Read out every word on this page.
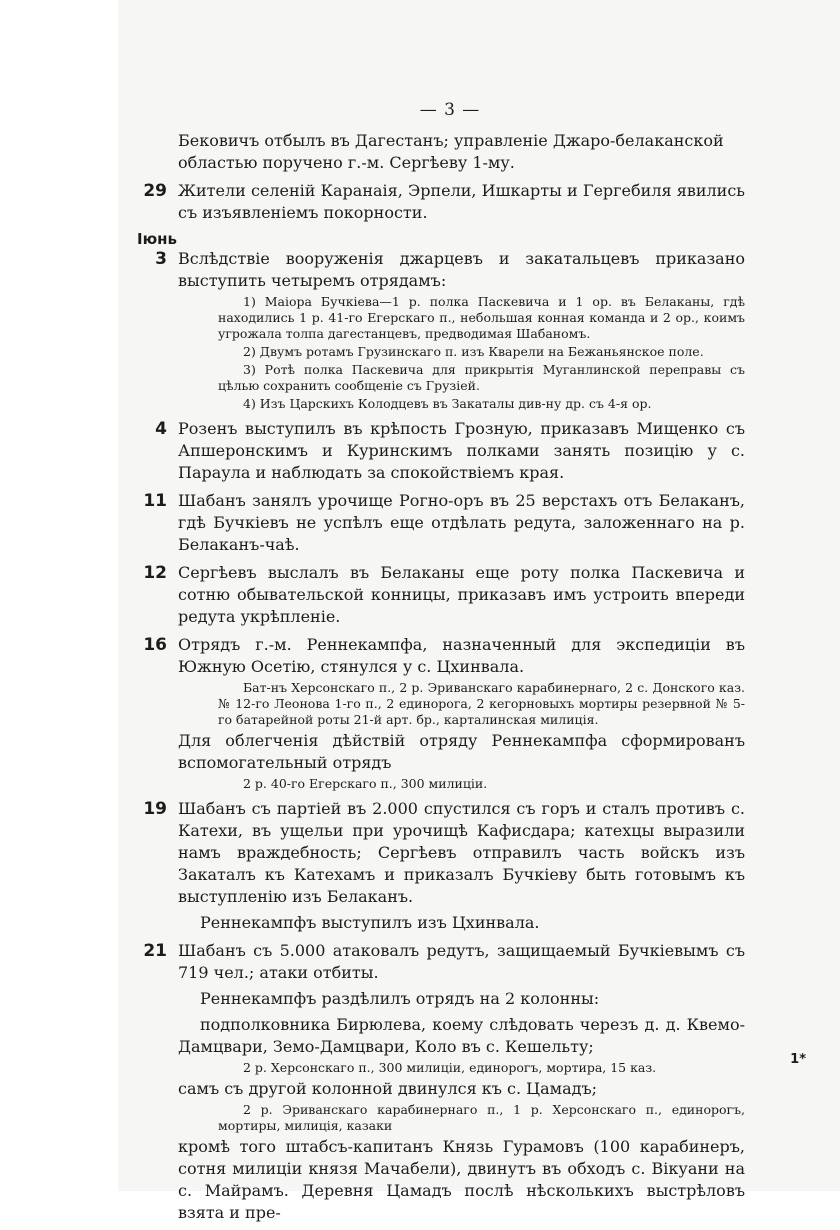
— 3 —

Бековичъ отбылъ въ Дагестанъ; управленіе Джаро-белаканской

областью поручено г.-м. Сергѣеву 1-му.

29 Жители селеній Каранаія, Эрпели, Ишкарты и Гергебиля явились съ изъявленіемъ покорности.

Іюнь
3 Вслѣдствіе вооруженія джарцевъ и закатальцевъ приказано выступить четыремъ отрядамъ:

1) Маіора Бучкіева—1 р. полка Паскевича и 1 ор. въ Белаканы, гдѣ находились 1 р. 41-го Егерскаго п., небольшая конная команда и 2 ор., коимъ угрожала толпа дагестанцевъ, предводимая Шабаномъ.

2) Двумъ ротамъ Грузинскаго п. изъ Кварели на Бежаньянское поле.

3) Ротѣ полка Паскевича для прикрытія Муганлинской переправы съ цѣлью сохранить сообщеніе съ Грузіей.

4) Изъ Царскихъ Колодцевъ въ Закаталы див-ну др. съ 4-я ор.

4 Розенъ выступилъ въ крѣпость Грозную, приказавъ Мищенко съ Апшеронскимъ и Куринскимъ полками занять позицію у с. Параула и наблюдать за спокойствіемъ края.

11 Шабанъ занялъ урочище Рогно-оръ въ 25 верстахъ отъ Белаканъ, гдѣ Бучкіевъ не успѣлъ еще отдѣлать редута, заложеннаго на р. Белаканъ-чаѣ.

12 Сергѣевъ выслалъ въ Белаканы еще роту полка Паскевича и сотню обывательской конницы, приказавъ имъ устроить впереди редута укрѣпленіе.

16 Отрядъ г.-м. Реннекампфа, назначенный для экспедиціи въ Южную Осетію, стянулся у с. Цхинвала.

Бат-нъ Херсонскаго п., 2 р. Эриванскаго карабинернаго, 2 с. Донского каз. № 12-го Леонова 1-го п., 2 единорога, 2 кегорновыхъ мортиры резервной № 5-го батарейной роты 21-й арт. бр., карталинская милиція.

Для облегченія дѣйствій отряду Реннекампфа сформированъ вспомогательный отрядъ

2 р. 40-го Егерскаго п., 300 милиціи.

19 Шабанъ съ партіей въ 2.000 спустился съ горъ и сталъ противъ с. Катехи, въ ущельи при урочищѣ Кафисдара; катехцы выразили намъ враждебность; Сергѣевъ отправилъ часть войскъ изъ Закаталъ къ Катехамъ и приказалъ Бучкіеву быть готовымъ къ выступленію изъ Белаканъ.

Реннекампфъ выступилъ изъ Цхинвала.

21 Шабанъ съ 5.000 атаковалъ редутъ, защищаемый Бучкіевымъ съ 719 чел.; атаки отбиты.

Реннекампфъ раздѣлилъ отрядъ на 2 колонны:

подполковника Бирюлева, коему слѣдовать черезъ д. д. Квемо-Дамцвари, Земо-Дамцвари, Коло въ с. Кешельту;

2 р. Херсонскаго п., 300 милиціи, единорогъ, мортира, 15 каз.

самъ съ другой колонной двинулся къ с. Цамадъ;

2 р. Эриванскаго карабинернаго п., 1 р. Херсонскаго п., единорогъ, мортиры, милиція, казаки

кромѣ того штабсъ-капитанъ Князь Гурамовъ (100 карабинеръ, сотня милиціи князя Мачабели), двинутъ въ обходъ с. Вікуани на с. Майрамъ. Деревня Цамадъ послѣ нѣсколькихъ выстрѣловъ взята и пре-

1*
